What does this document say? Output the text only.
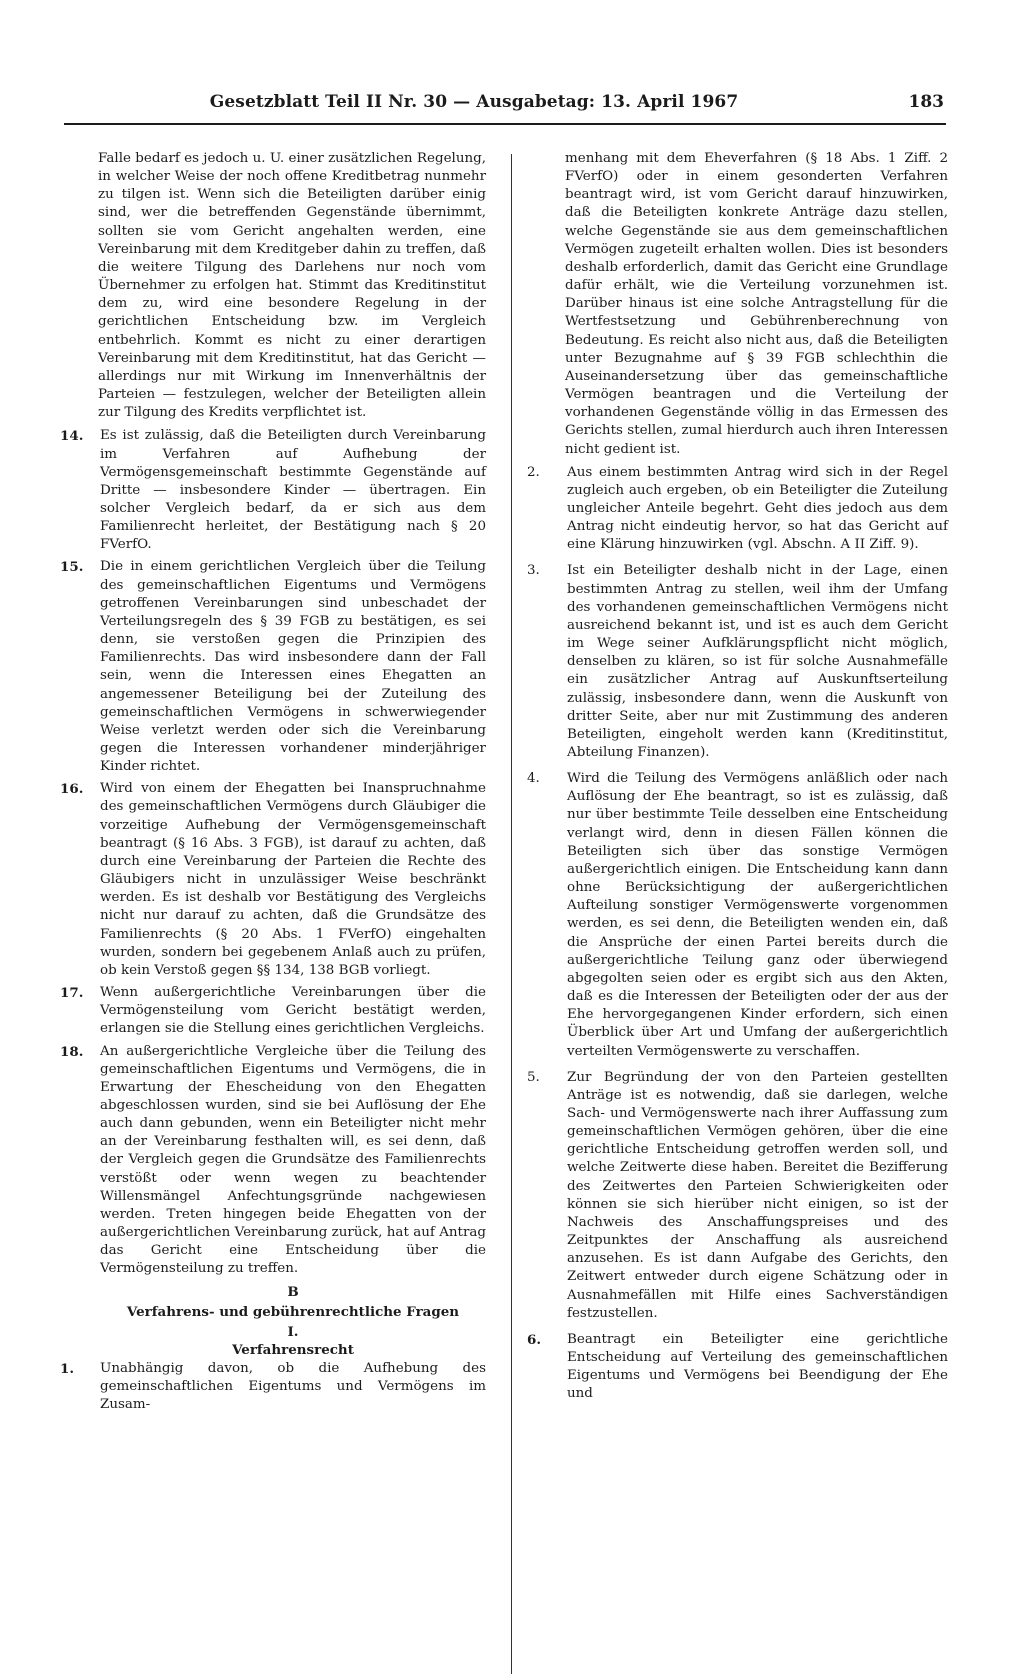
Gesetzblatt Teil II Nr. 30 — Ausgabetag: 13. April 1967	183

Falle bedarf es jedoch u. U. einer zusätzlichen Regelung, in welcher Weise der noch offene Kreditbetrag nunmehr zu tilgen ist. Wenn sich die Beteiligten darüber einig sind, wer die betreffenden Gegenstände übernimmt, sollten sie vom Gericht angehalten werden, eine Vereinbarung mit dem Kreditgeber dahin zu treffen, daß die weitere Tilgung des Darlehens nur noch vom Übernehmer zu erfolgen hat. Stimmt das Kreditinstitut dem zu, wird eine besondere Regelung in der gerichtlichen Entscheidung bzw. im Vergleich entbehrlich. Kommt es nicht zu einer derartigen Vereinbarung mit dem Kreditinstitut, hat das Gericht — allerdings nur mit Wirkung im Innenverhältnis der Parteien — festzulegen, welcher der Beteiligten allein zur Tilgung des Kredits verpflichtet ist.

14. Es ist zulässig, daß die Beteiligten durch Vereinbarung im Verfahren auf Aufhebung der Vermögensgemeinschaft bestimmte Gegenstände auf Dritte — insbesondere Kinder — übertragen. Ein solcher Vergleich bedarf, da er sich aus dem Familienrecht herleitet, der Bestätigung nach § 20 FVerfO.
15. Die in einem gerichtlichen Vergleich über die Teilung des gemeinschaftlichen Eigentums und Vermögens getroffenen Vereinbarungen sind unbeschadet der Verteilungsregeln des § 39 FGB zu bestätigen, es sei denn, sie verstoßen gegen die Prinzipien des Familienrechts. Das wird insbesondere dann der Fall sein, wenn die Interessen eines Ehegatten an angemessener Beteiligung bei der Zuteilung des gemeinschaftlichen Vermögens in schwerwiegender Weise verletzt werden oder sich die Vereinbarung gegen die Interessen vorhandener minderjähriger Kinder richtet.
16. Wird von einem der Ehegatten bei Inanspruchnahme des gemeinschaftlichen Vermögens durch Gläubiger die vorzeitige Aufhebung der Vermögensgemeinschaft beantragt (§ 16 Abs. 3 FGB), ist darauf zu achten, daß durch eine Vereinbarung der Parteien die Rechte des Gläubigers nicht in unzulässiger Weise beschränkt werden. Es ist deshalb vor Bestätigung des Vergleichs nicht nur darauf zu achten, daß die Grundsätze des Familienrechts (§ 20 Abs. 1 FVerfO) eingehalten wurden, sondern bei gegebenem Anlaß auch zu prüfen, ob kein Verstoß gegen §§ 134, 138 BGB vorliegt.
17. Wenn außergerichtliche Vereinbarungen über die Vermögensteilung vom Gericht bestätigt werden, erlangen sie die Stellung eines gerichtlichen Vergleichs.
18. An außergerichtliche Vergleiche über die Teilung des gemeinschaftlichen Eigentums und Vermögens, die in Erwartung der Ehescheidung von den Ehegatten abgeschlossen wurden, sind sie bei Auflösung der Ehe auch dann gebunden, wenn ein Beteiligter nicht mehr an der Vereinbarung festhalten will, es sei denn, daß der Vergleich gegen die Grundsätze des Familienrechts verstößt oder wenn wegen zu beachtender Willensmängel Anfechtungsgründe nachgewiesen werden. Treten hingegen beide Ehegatten von der außergerichtlichen Vereinbarung zurück, hat auf Antrag das Gericht eine Entscheidung über die Vermögensteilung zu treffen.
B
Verfahrens- und gebührenrechtliche Fragen
I.
Verfahrensrecht
1. Unabhängig davon, ob die Aufhebung des gemeinschaftlichen Eigentums und Vermögens im Zusam-

menhang mit dem Eheverfahren (§ 18 Abs. 1 Ziff. 2 FVerfO) oder in einem gesonderten Verfahren beantragt wird, ist vom Gericht darauf hinzuwirken, daß die Beteiligten konkrete Anträge dazu stellen, welche Gegenstände sie aus dem gemeinschaftlichen Vermögen zugeteilt erhalten wollen. Dies ist besonders deshalb erforderlich, damit das Gericht eine Grundlage dafür erhält, wie die Verteilung vorzunehmen ist. Darüber hinaus ist eine solche Antragstellung für die Wertfestsetzung und Gebührenberechnung von Bedeutung. Es reicht also nicht aus, daß die Beteiligten unter Bezugnahme auf § 39 FGB schlechthin die Auseinandersetzung über das gemeinschaftliche Vermögen beantragen und die Verteilung der vorhandenen Gegenstände völlig in das Ermessen des Gerichts stellen, zumal hierdurch auch ihren Interessen nicht gedient ist.

2. Aus einem bestimmten Antrag wird sich in der Regel zugleich auch ergeben, ob ein Beteiligter die Zuteilung ungleicher Anteile begehrt. Geht dies jedoch aus dem Antrag nicht eindeutig hervor, so hat das Gericht auf eine Klärung hinzuwirken (vgl. Abschn. A II Ziff. 9).
3. Ist ein Beteiligter deshalb nicht in der Lage, einen bestimmten Antrag zu stellen, weil ihm der Umfang des vorhandenen gemeinschaftlichen Vermögens nicht ausreichend bekannt ist, und ist es auch dem Gericht im Wege seiner Aufklärungspflicht nicht möglich, denselben zu klären, so ist für solche Ausnahmefälle ein zusätzlicher Antrag auf Auskunftserteilung zulässig, insbesondere dann, wenn die Auskunft von dritter Seite, aber nur mit Zustimmung des anderen Beteiligten, eingeholt werden kann (Kreditinstitut, Abteilung Finanzen).
4. Wird die Teilung des Vermögens anläßlich oder nach Auflösung der Ehe beantragt, so ist es zulässig, daß nur über bestimmte Teile desselben eine Entscheidung verlangt wird, denn in diesen Fällen können die Beteiligten sich über das sonstige Vermögen außergerichtlich einigen. Die Entscheidung kann dann ohne Berücksichtigung der außergerichtlichen Aufteilung sonstiger Vermögenswerte vorgenommen werden, es sei denn, die Beteiligten wenden ein, daß die Ansprüche der einen Partei bereits durch die außergerichtliche Teilung ganz oder überwiegend abgegolten seien oder es ergibt sich aus den Akten, daß es die Interessen der Beteiligten oder der aus der Ehe hervorgegangenen Kinder erfordern, sich einen Überblick über Art und Umfang der außergerichtlich verteilten Vermögenswerte zu verschaffen.
5. Zur Begründung der von den Parteien gestellten Anträge ist es notwendig, daß sie darlegen, welche Sach- und Vermögenswerte nach ihrer Auffassung zum gemeinschaftlichen Vermögen gehören, über die eine gerichtliche Entscheidung getroffen werden soll, und welche Zeitwerte diese haben. Bereitet die Bezifferung des Zeitwertes den Parteien Schwierigkeiten oder können sie sich hierüber nicht einigen, so ist der Nachweis des Anschaffungspreises und des Zeitpunktes der Anschaffung als ausreichend anzusehen. Es ist dann Aufgabe des Gerichts, den Zeitwert entweder durch eigene Schätzung oder in Ausnahmefällen mit Hilfe eines Sachverständigen festzustellen.
6. Beantragt ein Beteiligter eine gerichtliche Entscheidung auf Verteilung des gemeinschaftlichen Eigentums und Vermögens bei Beendigung der Ehe und
